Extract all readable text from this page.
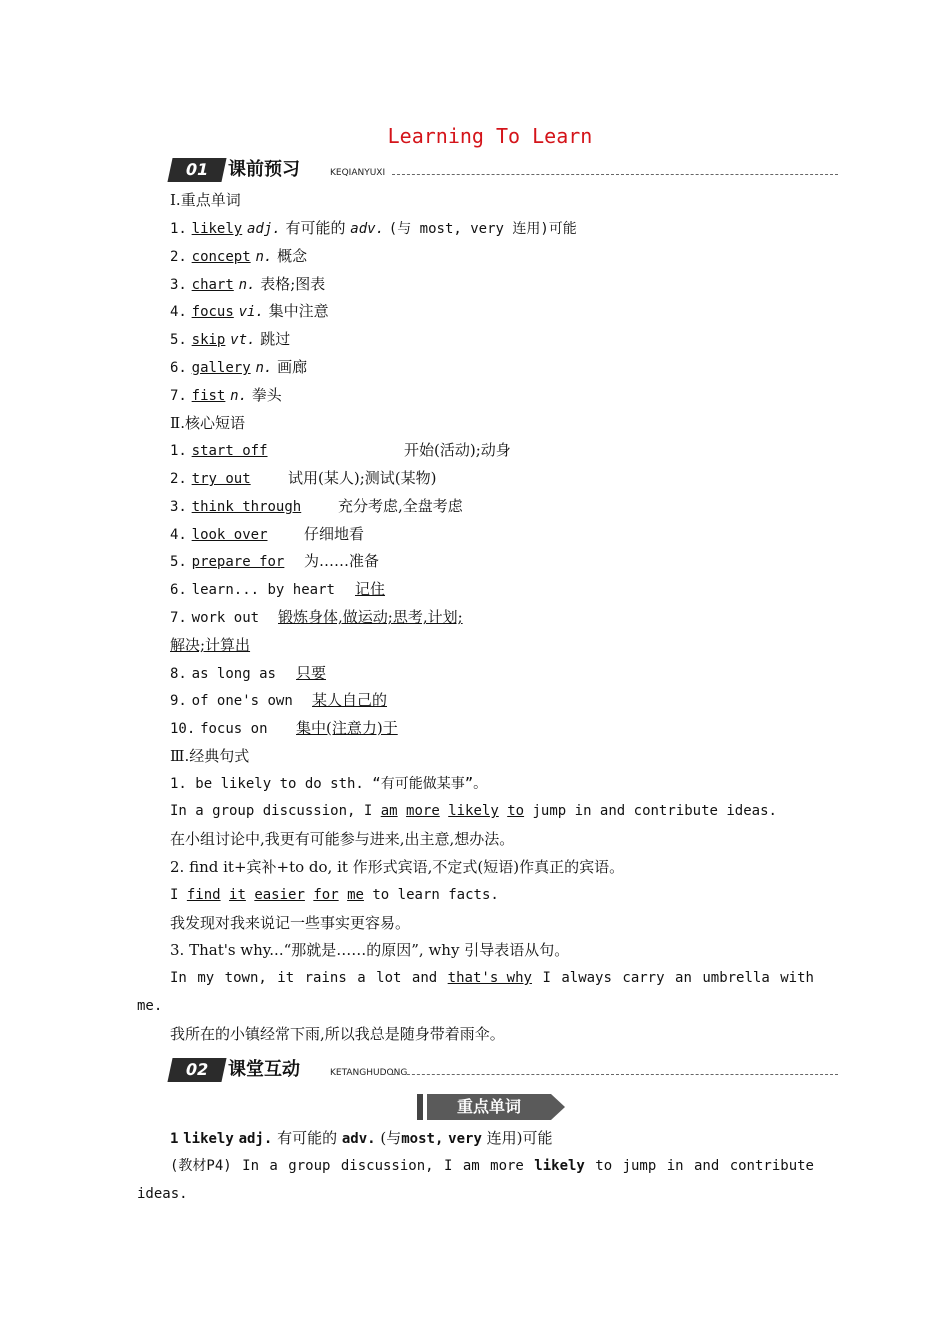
Learning To Learn
01 课前预习	KEQIANYUXI
Ⅰ.重点单词
1. likely adj. 有可能的 adv. (与 most, very 连用)可能
2. concept n. 概念
3. chart n. 表格;图表
4. focus vi. 集中注意
5. skip vt. 跳过
6. gallery n. 画廊
7. fist n. 拳头
Ⅱ.核心短语
1. start off	开始(活动);动身
2. try out 试用(某人);测试(某物)
3. think through 充分考虑,全盘考虑
4. look over 仔细地看
5. prepare for 为……准备
6. learn... by heart 记住
7. work out 锻炼身体,做运动;思考,计划;
解决;计算出
8. as long as 只要
9. of one's own 某人自己的
10. focus on 集中(注意力)于
Ⅲ.经典句式
1. be likely to do sth. “有可能做某事”。
In a group discussion, I am more likely to jump in and contribute ideas.
在小组讨论中,我更有可能参与进来,出主意,想办法。
2. find it+宾补+to do, it 作形式宾语,不定式(短语)作真正的宾语。
I find it easier for me to learn facts.
我发现对我来说记一些事实更容易。
3. That's why...“那就是……的原因”, why 引导表语从句。
In my town, it rains a lot and that's why I always carry an umbrella with
me.
我所在的小镇经常下雨,所以我总是随身带着雨伞。
02 课堂互动	KETANGHUDONG
重点单词
1 likely adj. 有可能的 adv. (与most, very 连用)可能
(教材P4) In a group discussion, I am more likely to jump in and contribute
ideas.
